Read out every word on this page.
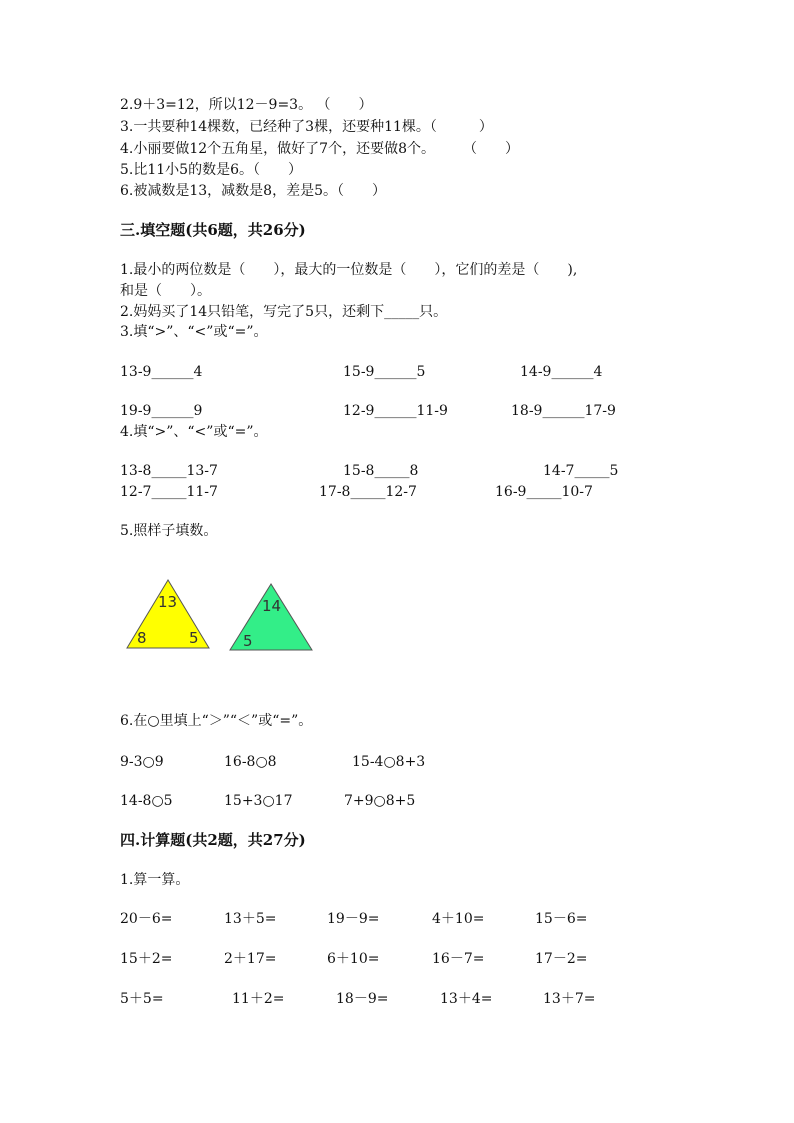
2.9＋3=12，所以12－9=3。 （　　）
3.一共要种14棵数，已经种了3棵，还要种11棵。（　　　）
4.小丽要做12个五角星，做好了7个，还要做8个。　　　（　　）
5.比11小5的数是6。（　　）
6.被减数是13，减数是8，差是5。（　　）
三.填空题(共6题，共26分)
1.最小的两位数是（　　），最大的一位数是（　　），它们的差是（　　),
和是（　　）。
2.妈妈买了14只铅笔，写完了5只，还剩下_____只。
3.填“>”、“<”或“=”。
13-9______4	15-9______5	14-9______4
19-9______9	12-9______11-9	18-9______17-9
4.填“>”、“<”或“=”。
13-8_____13-7	15-8_____8	14-7_____5
12-7_____11-7	17-8_____12-7	16-9_____10-7
5.照样子填数。
13
8	5
14
5
6.在○里填上“＞”“＜”或“=”。
9-3○9	16-8○8	15-4○8+3
14-8○5	15+3○17	7+9○8+5
四.计算题(共2题，共27分)
1.算一算。
20－6=	13＋5=	19－9=	4＋10=	15－6=
15＋2=	2＋17=	6＋10=	16－7=	17－2=
5＋5=	11＋2=	18－9=	13＋4=	13＋7=
